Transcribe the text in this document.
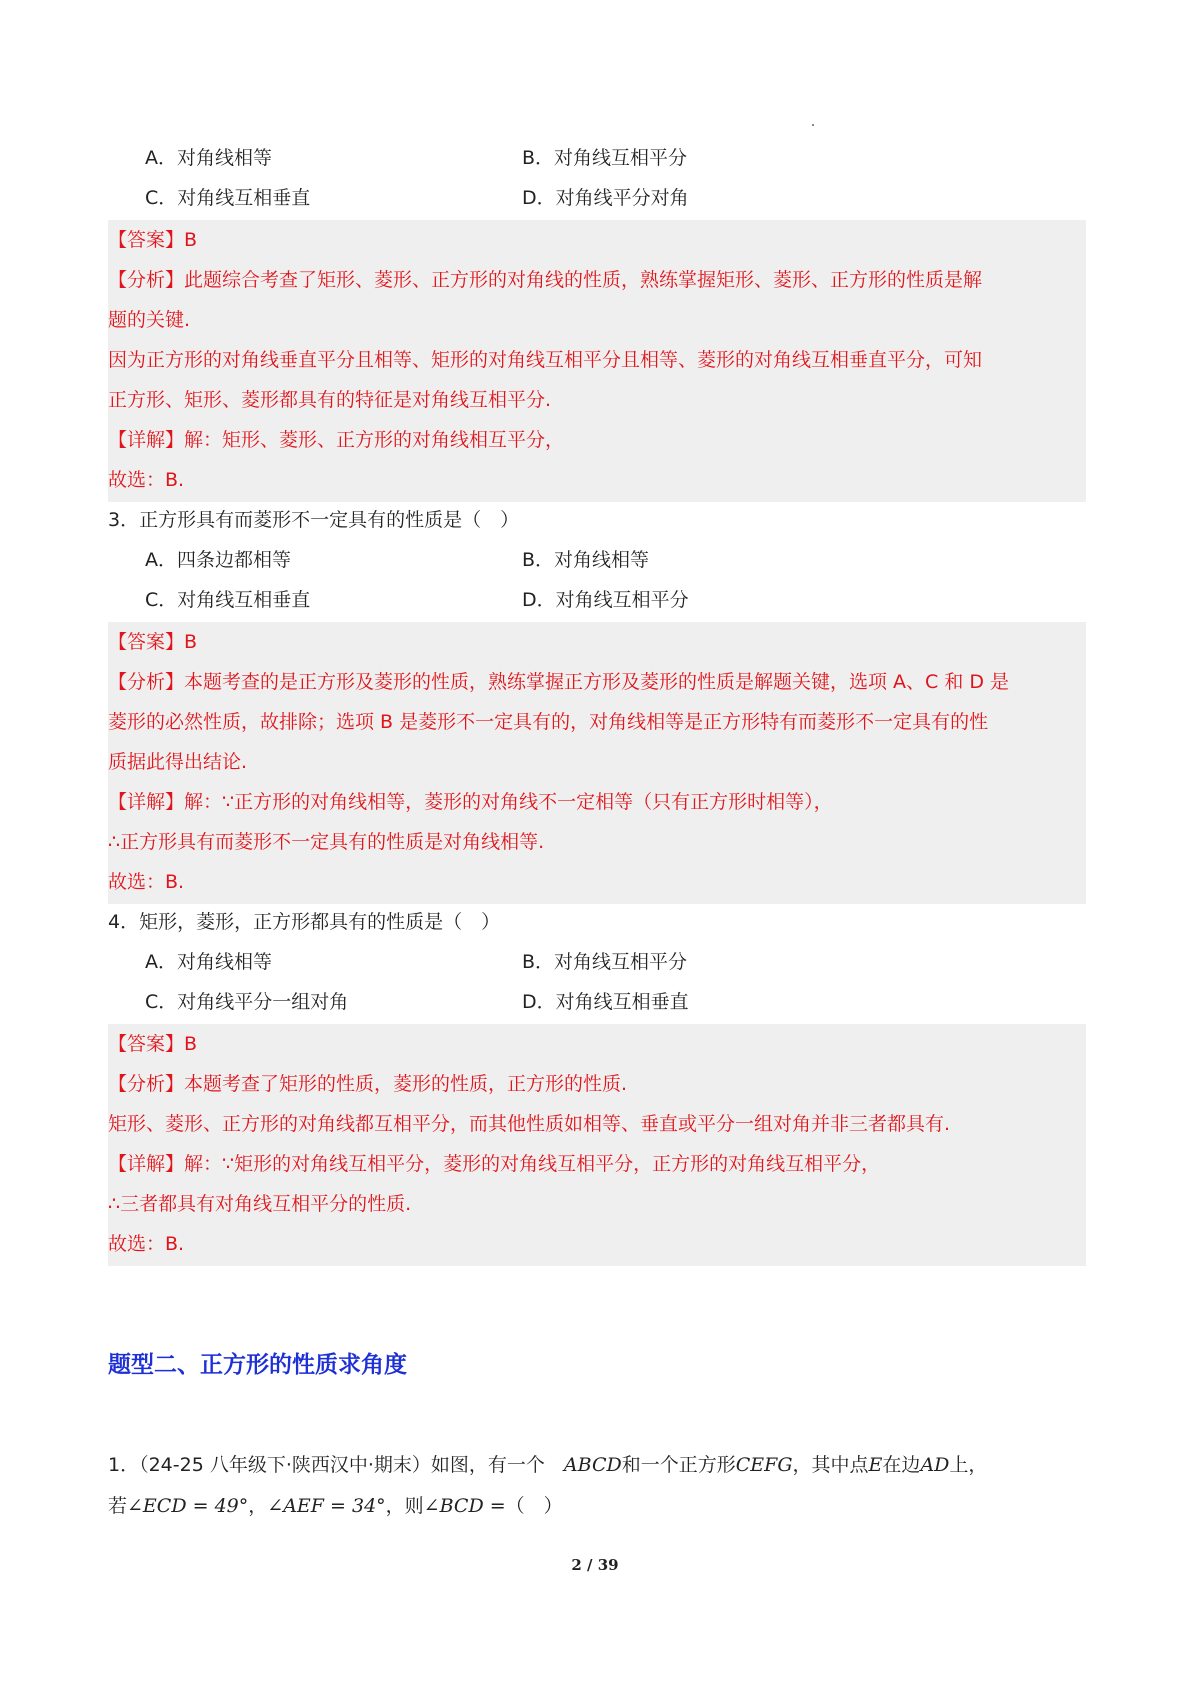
A．对角线相等	B．对角线互相平分
C．对角线互相垂直	D．对角线平分对角
【答案】B
【分析】此题综合考查了矩形、菱形、正方形的对角线的性质，熟练掌握矩形、菱形、正方形的性质是解
题的关键.
因为正方形的对角线垂直平分且相等、矩形的对角线互相平分且相等、菱形的对角线互相垂直平分，可知
正方形、矩形、菱形都具有的特征是对角线互相平分.
【详解】解：矩形、菱形、正方形的对角线相互平分，
故选：B.
3．正方形具有而菱形不一定具有的性质是（　）
A．四条边都相等	B．对角线相等
C．对角线互相垂直	D．对角线互相平分
【答案】B
【分析】本题考查的是正方形及菱形的性质，熟练掌握正方形及菱形的性质是解题关键，选项 A、C 和 D 是
菱形的必然性质，故排除；选项 B 是菱形不一定具有的，对角线相等是正方形特有而菱形不一定具有的性
质据此得出结论.
【详解】解：∵正方形的对角线相等，菱形的对角线不一定相等（只有正方形时相等），
∴正方形具有而菱形不一定具有的性质是对角线相等.
故选：B.
4．矩形，菱形，正方形都具有的性质是（　）
A．对角线相等	B．对角线互相平分
C．对角线平分一组对角	D．对角线互相垂直
【答案】B
【分析】本题考查了矩形的性质，菱形的性质，正方形的性质.
矩形、菱形、正方形的对角线都互相平分，而其他性质如相等、垂直或平分一组对角并非三者都具有.
【详解】解：∵矩形的对角线互相平分，菱形的对角线互相平分，正方形的对角线互相平分，
∴三者都具有对角线互相平分的性质.
故选：B.
题型二、正方形的性质求角度
1．（24-25 八年级下·陕西汉中·期末）如图，有一个　ABCD和一个正方形CEFG，其中点E在边AD上，
若∠ECD = 49°，∠AEF = 34°，则∠BCD =（　）
2 / 39
